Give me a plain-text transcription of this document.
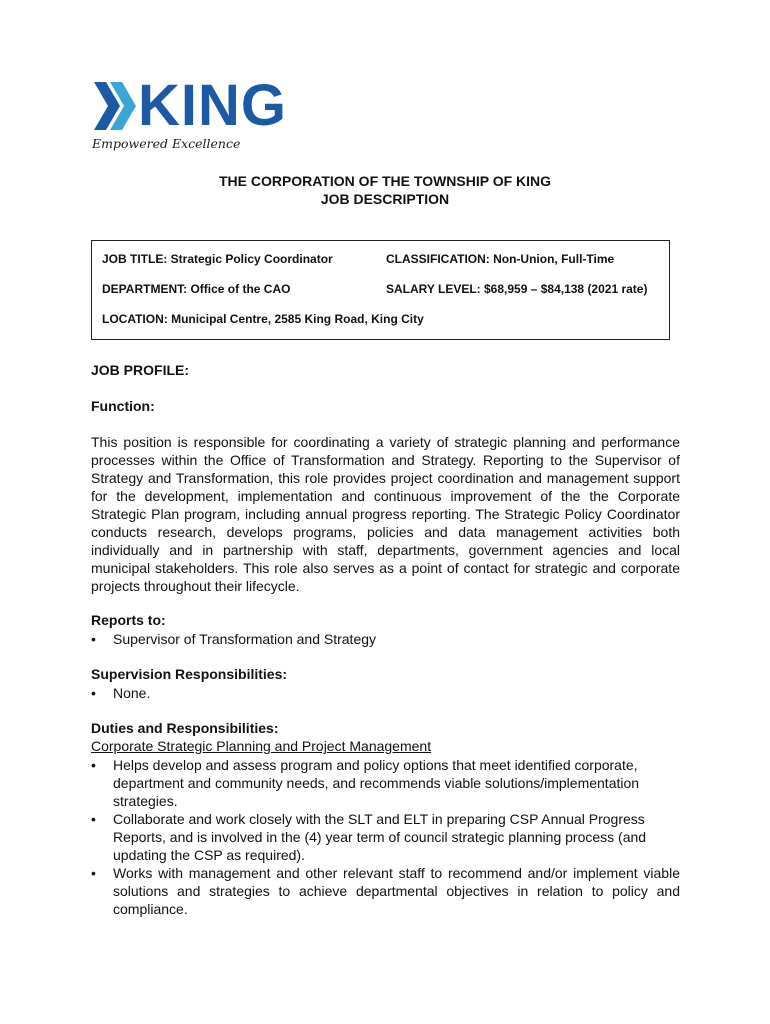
KING
Empowered Excellence
THE CORPORATION OF THE TOWNSHIP OF KING
JOB DESCRIPTION
JOB TITLE: Strategic Policy Coordinator	CLASSIFICATION: Non-Union, Full-Time
DEPARTMENT: Office of the CAO	SALARY LEVEL: $68,959 – $84,138 (2021 rate)
LOCATION: Municipal Centre, 2585 King Road, King City
JOB PROFILE:
Function:
This position is responsible for coordinating a variety of strategic planning and performance processes within the Office of Transformation and Strategy. Reporting to the Supervisor of Strategy and Transformation, this role provides project coordination and management support for the development, implementation and continuous improvement of the the Corporate Strategic Plan program, including annual progress reporting. The Strategic Policy Coordinator conducts research, develops programs, policies and data management activities both individually and in partnership with staff, departments, government agencies and local municipal stakeholders. This role also serves as a point of contact for strategic and corporate projects throughout their lifecycle.
Reports to:

• Supervisor of Transformation and Strategy

Supervision Responsibilities:

• None.

Duties and Responsibilities:
Corporate Strategic Planning and Project Management

• Helps develop and assess program and policy options that meet identified corporate, department and community needs, and recommends viable solutions/implementation strategies.

• Collaborate and work closely with the SLT and ELT in preparing CSP Annual Progress Reports, and is involved in the (4) year term of council strategic planning process (and updating the CSP as required).

• Works with management and other relevant staff to recommend and/or implement viable solutions and strategies to achieve departmental objectives in relation to policy and compliance.
